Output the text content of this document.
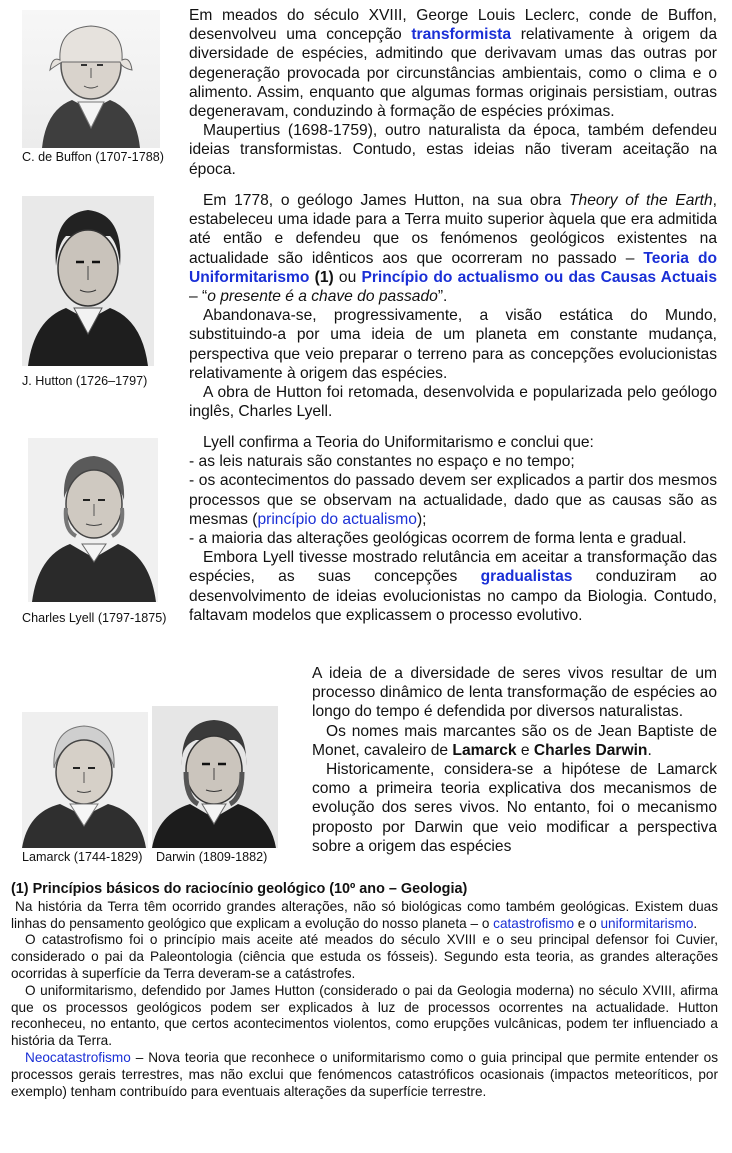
C. de Buffon (1707-1788)

Em meados do século XVIII, George Louis Leclerc, conde de Buffon, desenvolveu uma concepção transformista relativamente à origem da diversidade de espécies, admitindo que derivavam umas das outras por degeneração provocada por circunstâncias ambientais, como o clima e o alimento. Assim, enquanto que algumas formas originais persistiam, outras degeneravam, conduzindo à formação de espécies próximas.

Maupertius (1698-1759), outro naturalista da época, também defendeu ideias transformistas. Contudo, estas ideias não tiveram aceitação na época.

J. Hutton (1726–1797)

Em 1778, o geólogo James Hutton, na sua obra Theory of the Earth, estabeleceu uma idade para a Terra muito superior àquela que era admitida até então e defendeu que os fenómenos geológicos existentes na actualidade são idênticos aos que ocorreram no passado – Teoria do Uniformitarismo (1) ou Princípio do actualismo ou das Causas Actuais – “o presente é a chave do passado”.

Abandonava-se, progressivamente, a visão estática do Mundo, substituindo-a por uma ideia de um planeta em constante mudança, perspectiva que veio preparar o terreno para as concepções evolucionistas relativamente à origem das espécies.

A obra de Hutton foi retomada, desenvolvida e popularizada pelo geólogo inglês, Charles Lyell.

Charles Lyell (1797-1875)

Lyell confirma a Teoria do Uniformitarismo e conclui que:

- as leis naturais são constantes no espaço e no tempo;

- os acontecimentos do passado devem ser explicados a partir dos mesmos processos que se observam na actualidade, dado que as causas são as mesmas (princípio do actualismo);

- a maioria das alterações geológicas ocorrem de forma lenta e gradual.

Embora Lyell tivesse mostrado relutância em aceitar a transformação das espécies, as suas concepções gradualistas conduziram ao desenvolvimento de ideias evolucionistas no campo da Biologia. Contudo, faltavam modelos que explicassem o processo evolutivo.

Lamarck (1744-1829) Darwin (1809-1882)

A ideia de a diversidade de seres vivos resultar de um processo dinâmico de lenta transformação de espécies ao longo do tempo é defendida por diversos naturalistas.

Os nomes mais marcantes são os de Jean Baptiste de Monet, cavaleiro de Lamarck e Charles Darwin.

Historicamente, considera-se a hipótese de Lamarck como a primeira teoria explicativa dos mecanismos de evolução dos seres vivos. No entanto, foi o mecanismo proposto por Darwin que veio modificar a perspectiva sobre a origem das espécies

(1) Princípios básicos do raciocínio geológico (10º ano – Geologia)

Na história da Terra têm ocorrido grandes alterações, não só biológicas como também geológicas. Existem duas linhas do pensamento geológico que explicam a evolução do nosso planeta – o catastrofismo e o uniformitarismo.

O catastrofismo foi o princípio mais aceite até meados do século XVIII e o seu principal defensor foi Cuvier, considerado o pai da Paleontologia (ciência que estuda os fósseis). Segundo esta teoria, as grandes alterações ocorridas à superfície da Terra deveram-se a catástrofes.

O uniformitarismo, defendido por James Hutton (considerado o pai da Geologia moderna) no século XVIII, afirma que os processos geológicos podem ser explicados à luz de processos ocorrentes na actualidade. Hutton reconheceu, no entanto, que certos acontecimentos violentos, como erupções vulcânicas, podem ter influenciado a história da Terra.

Neocatastrofismo – Nova teoria que reconhece o uniformitarismo como o guia principal que permite entender os processos gerais terrestres, mas não exclui que fenómencos catastróficos ocasionais (impactos meteoríticos, por exemplo) tenham contribuído para eventuais alterações da superfície terrestre.
